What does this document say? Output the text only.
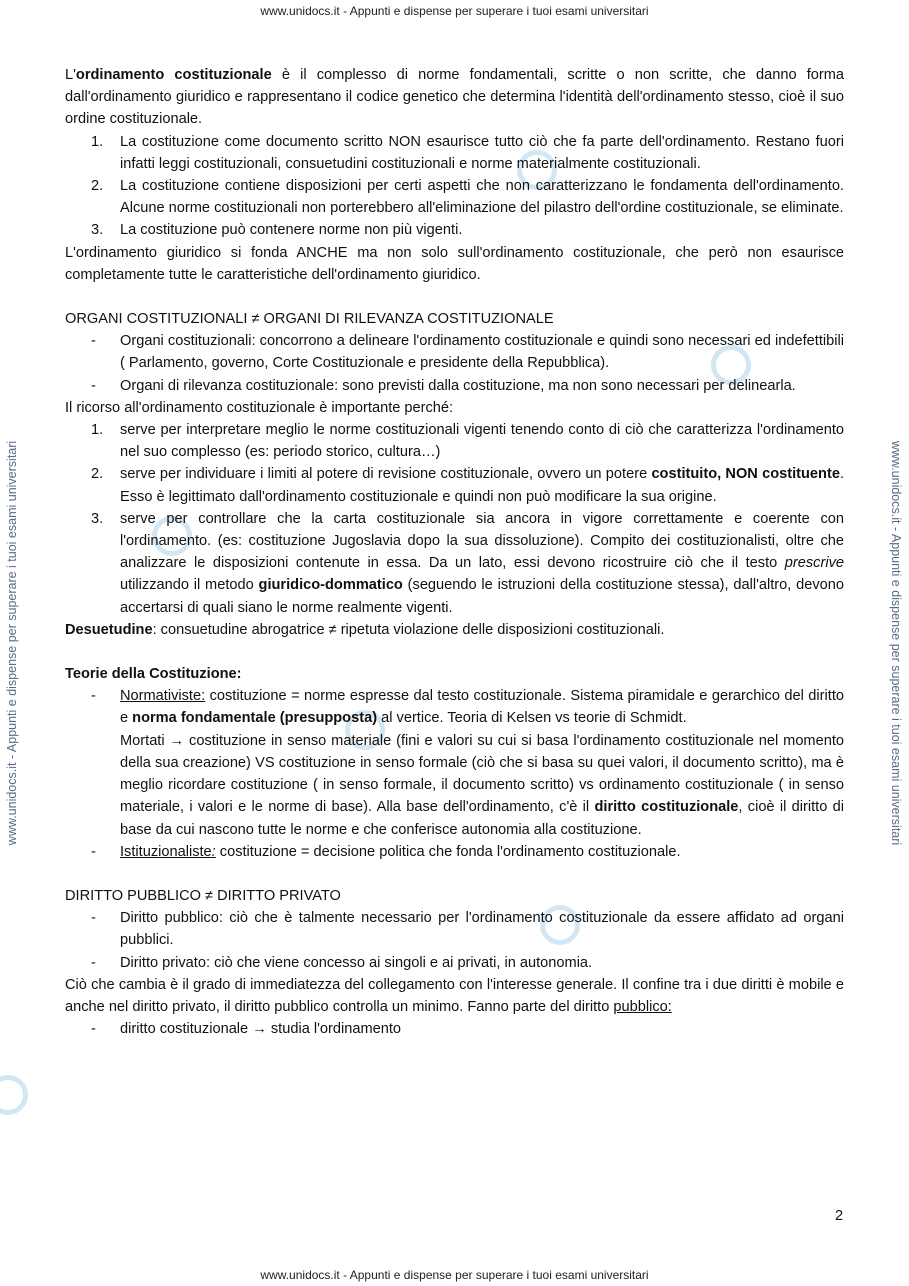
www.unidocs.it - Appunti e dispense per superare i tuoi esami universitari
www.unidocs.it - Appunti e dispense per superare i tuoi esami universitari
www.unidocs.it - Appunti e dispense per superare i tuoi esami universitari	www.unidocs.it - Appunti e dispense per superare i tuoi esami universitari

L'ordinamento costituzionale è il complesso di norme fondamentali, scritte o non scritte, che danno forma dall'ordinamento giuridico e rappresentano il codice genetico che determina l'identità dell'ordinamento stesso, cioè il suo ordine costituzionale.

1.	La costituzione come documento scritto NON esaurisce tutto ciò che fa parte dell'ordinamento. Restano fuori infatti leggi costituzionali, consuetudini costituzionali e norme materialmente costituzionali.
2.	La costituzione contiene disposizioni per certi aspetti che non caratterizzano le fondamenta dell'ordinamento. Alcune norme costituzionali non porterebbero all'eliminazione del pilastro dell'ordine costituzionale, se eliminate.
3.	La costituzione può contenere norme non più vigenti.

L'ordinamento giuridico si fonda ANCHE ma non solo sull'ordinamento costituzionale, che però non esaurisce completamente tutte le caratteristiche dell'ordinamento giuridico.

ORGANI COSTITUZIONALI ≠ ORGANI DI RILEVANZA COSTITUZIONALE

-	Organi costituzionali: concorrono a delineare l'ordinamento costituzionale e quindi sono necessari ed indefettibili ( Parlamento, governo, Corte Costituzionale e presidente della Repubblica).
-	Organi di rilevanza costituzionale: sono previsti dalla costituzione, ma non sono necessari per delinearla.

Il ricorso all'ordinamento costituzionale è importante perché:

1.	serve per interpretare meglio le norme costituzionali vigenti tenendo conto di ciò che caratterizza l'ordinamento nel suo complesso (es: periodo storico, cultura…)
2.	serve per individuare i limiti al potere di revisione costituzionale, ovvero un potere costituito, NON costituente. Esso è legittimato dall'ordinamento costituzionale e quindi non può modificare la sua origine.
3.	serve per controllare che la carta costituzionale sia ancora in vigore correttamente e coerente con l'ordinamento. (es: costituzione Jugoslavia dopo la sua dissoluzione). Compito dei costituzionalisti, oltre che analizzare le disposizioni contenute in essa. Da un lato, essi devono ricostruire ciò che il testo prescrive utilizzando il metodo giuridico-dommatico (seguendo le istruzioni della costituzione stessa), dall'altro, devono accertarsi di quali siano le norme realmente vigenti.

Desuetudine: consuetudine abrogatrice ≠ ripetuta violazione delle disposizioni costituzionali.

Teorie della Costituzione:

-	Normativiste: costituzione = norme espresse dal testo costituzionale. Sistema piramidale e gerarchico del diritto e norma fondamentale (presupposta) al vertice. Teoria di Kelsen vs teorie di Schmidt.
Mortati → costituzione in senso materiale (fini e valori su cui si basa l'ordinamento costituzionale nel momento della sua creazione) VS costituzione in senso formale (ciò che si basa su quei valori, il documento scritto), ma è meglio ricordare costituzione ( in senso formale, il documento scritto) vs ordinamento costituzionale ( in senso materiale, i valori e le norme di base). Alla base dell'ordinamento, c'è il diritto costituzionale, cioè il diritto di base da cui nascono tutte le norme e che conferisce autonomia alla costituzione.
-	Istituzionaliste: costituzione = decisione politica che fonda l'ordinamento costituzionale.

DIRITTO PUBBLICO ≠ DIRITTO PRIVATO

-	Diritto pubblico: ciò che è talmente necessario per l'ordinamento costituzionale da essere affidato ad organi pubblici.
-	Diritto privato: ciò che viene concesso ai singoli e ai privati, in autonomia.

Ciò che cambia è il grado di immediatezza del collegamento con l'interesse generale. Il confine tra i due diritti è mobile e anche nel diritto privato, il diritto pubblico controlla un minimo. Fanno parte del diritto pubblico:

-	diritto costituzionale → studia l'ordinamento
2
